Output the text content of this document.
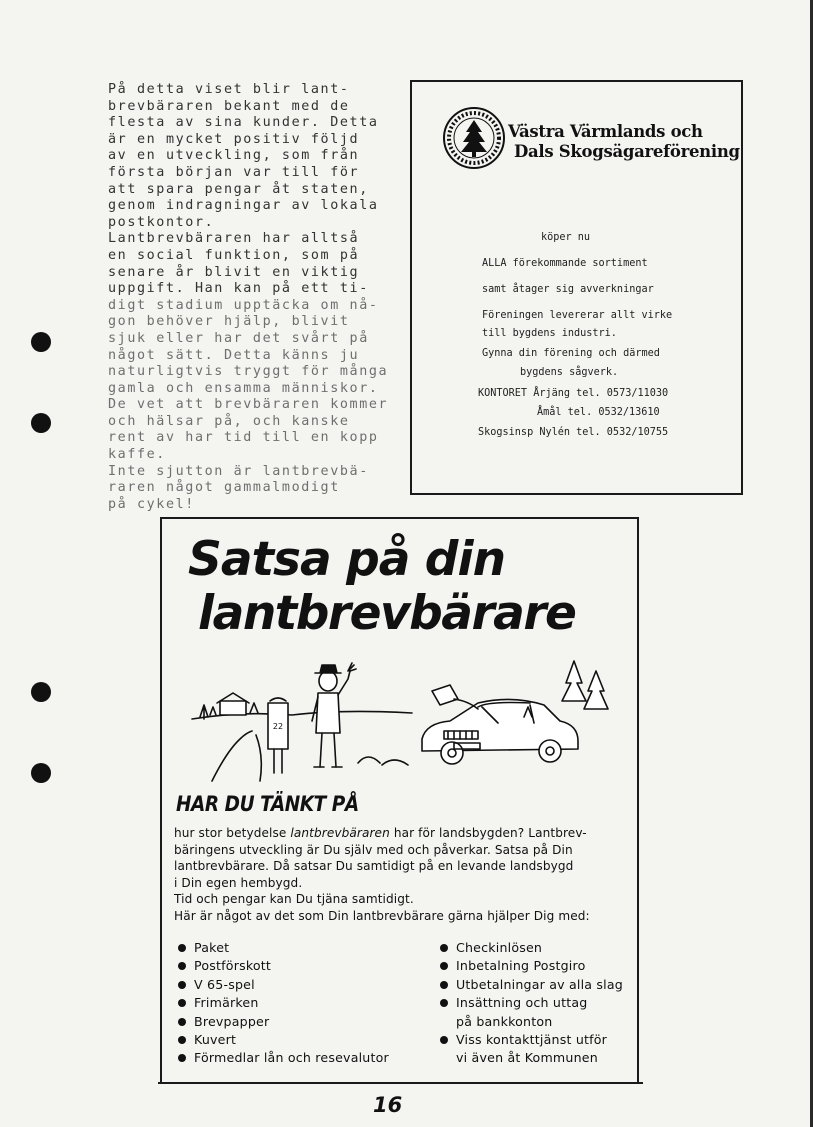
På detta viset blir lant-
brevbäraren bekant med de
flesta av sina kunder. Detta
är en mycket positiv följd
av en utveckling, som från
första början var till för
att spara pengar åt staten,
genom indragningar av lokala
postkontor.
Lantbrevbäraren har alltså
en social funktion, som på
senare år blivit en viktig
uppgift. Han kan på ett ti-
digt stadium upptäcka om nå-
gon behöver hjälp, blivit
sjuk eller har det svårt på
något sätt. Detta känns ju
naturligtvis tryggt för många
gamla och ensamma människor.
De vet att brevbäraren kommer
och hälsar på, och kanske
rent av har tid till en kopp
kaffe.
Inte sjutton är lantbrevbä-
raren något gammalmodigt
på cykel!
Västra Värmlands och
Dals Skogsägareförening
köper nu
ALLA förekommande sortiment
samt åtager sig avverkningar
Föreningen levererar allt virke
till bygdens industri.
Gynna din förening och därmed
bygdens sågverk.
KONTORET Årjäng tel. 0573/11030
Åmål tel. 0532/13610
Skogsinsp Nylén tel. 0532/10755
Satsa på din
lantbrevbärare
22
HAR DU TÄNKT PÅ
hur stor betydelse lantbrevbäraren har för landsbygden? Lantbrev-
bäringens utveckling är Du själv med och påverkar. Satsa på Din
lantbrevbärare. Då satsar Du samtidigt på en levande landsbygd
i Din egen hembygd.
Tid och pengar kan Du tjäna samtidigt.
Här är något av det som Din lantbrevbärare gärna hjälper Dig med:
Paket
Postförskott
V 65-spel
Frimärken
Brevpapper
Kuvert
Förmedlar lån och resevalutor
Checkinlösen
Inbetalning Postgiro
Utbetalningar av alla slag
Insättning och uttag
på bankkonton
Viss kontakttjänst utför
vi även åt Kommunen
16
